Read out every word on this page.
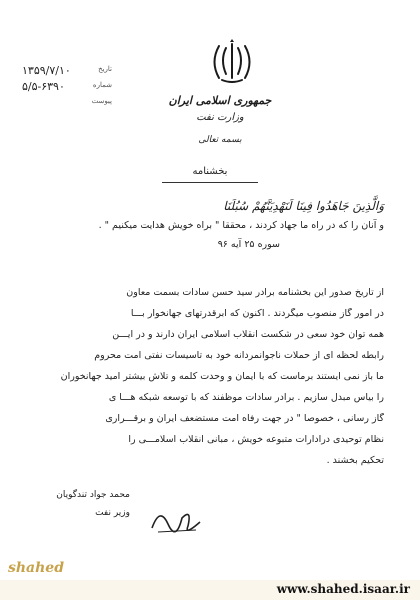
جمهوری اسلامی ایران
وزارت نفت
بسمه تعالی
۱۳۵۹/۷/۱۰	تاریخ
۵/۵-۶۳۹۰	شماره
پیوست
بخشنامه
وَالَّذِينَ جَاهَدُوا فِينَا لَنَهْدِيَنَّهُمْ سُبُلَنَا
و آنان را که در راه ما جهاد کردند ، محققا " براه خویش هدایت میکنیم " .
سوره ۲۵ آیه ۹۶
از تاریخ صدور این بخشنامه برادر سید حسن سادات بسمت معاون
در امور گاز منصوب میگردند . اکنون که ابرقدرتهای جهانخوار بـــا
همه توان خود سعی در شکست انقلاب اسلامی ایران دارند و در ایـــن
رابطه لحظه ای از حملات ناجوانمردانه خود به تاسیسات نفتی امت محروم
ما باز نمی ایستند برماست که با ایمان و وحدت کلمه و تلاش بیشتر امید جهانخوران
را بیاس مبدل سازیم . برادر سادات موظفند که با توسعه شبکه هـــا ی
گاز رسانی ، خصوصا " در جهت رفاه امت مستضعف ایران و برقـــراری
نظام توحیدی درادارات متبوعه خویش ، مبانی انقلاب اسلامـــی را
تحکیم بخشند .
محمد جواد تندگویان
وزیر نفت
shahed
www.shahed.isaar.ir
